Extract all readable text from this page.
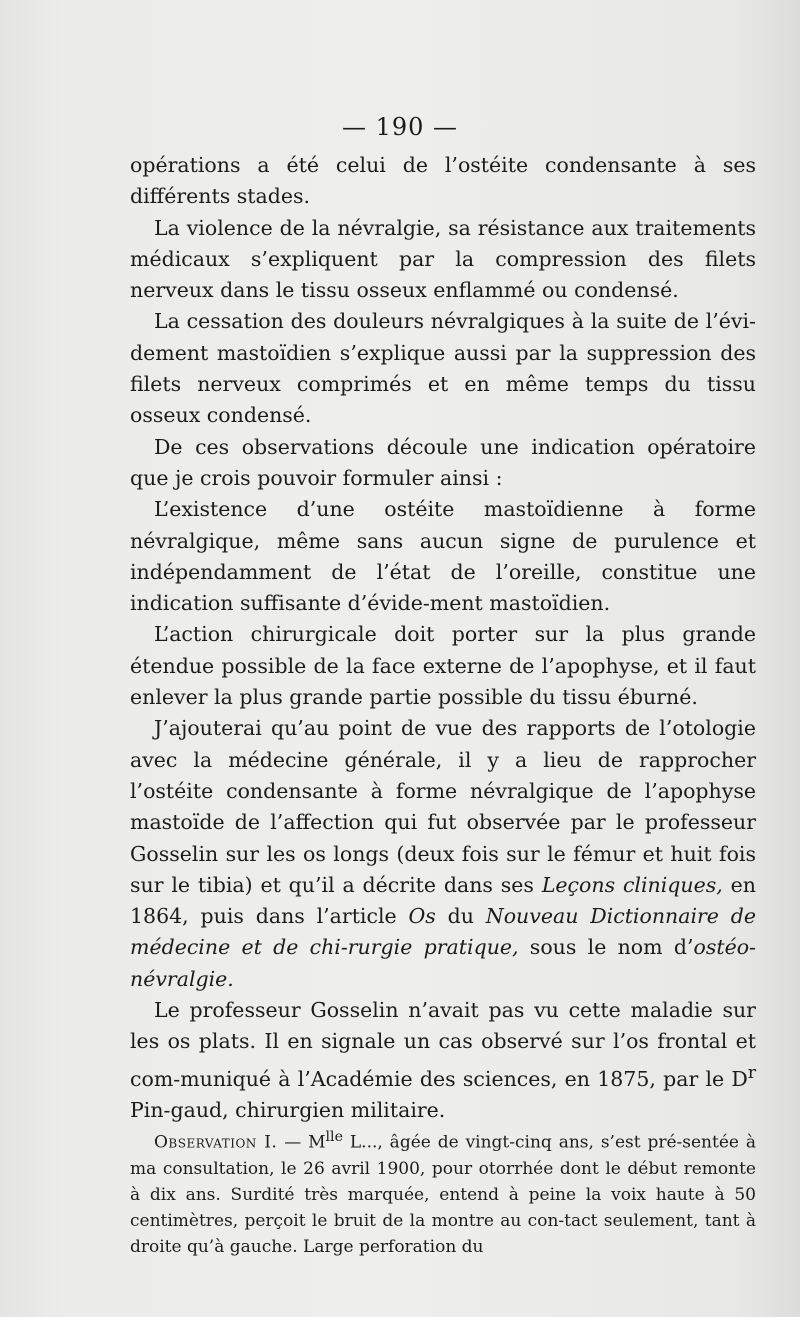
— 190 —

opérations a été celui de l’ostéite condensante à ses différents stades.

La violence de la névralgie, sa résistance aux traitements médicaux s’expliquent par la compression des filets nerveux dans le tissu osseux enflammé ou condensé.

La cessation des douleurs névralgiques à la suite de l’évi-dement mastoïdien s’explique aussi par la suppression des filets nerveux comprimés et en même temps du tissu osseux condensé.

De ces observations découle une indication opératoire que je crois pouvoir formuler ainsi :

L’existence d’une ostéite mastoïdienne à forme névralgique, même sans aucun signe de purulence et indépendamment de l’état de l’oreille, constitue une indication suffisante d’évide-ment mastoïdien.

L’action chirurgicale doit porter sur la plus grande étendue possible de la face externe de l’apophyse, et il faut enlever la plus grande partie possible du tissu éburné.

J’ajouterai qu’au point de vue des rapports de l’otologie avec la médecine générale, il y a lieu de rapprocher l’ostéite condensante à forme névralgique de l’apophyse mastoïde de l’affection qui fut observée par le professeur Gosselin sur les os longs (deux fois sur le fémur et huit fois sur le tibia) et qu’il a décrite dans ses Leçons cliniques, en 1864, puis dans l’article Os du Nouveau Dictionnaire de médecine et de chi-rurgie pratique, sous le nom d’ostéo-névralgie.

Le professeur Gosselin n’avait pas vu cette maladie sur les os plats. Il en signale un cas observé sur l’os frontal et com-muniqué à l’Académie des sciences, en 1875, par le $D^r$ Pin-gaud, chirurgien militaire.

Observation I. — $M^{lle}$ L..., âgée de vingt-cinq ans, s’est pré-sentée à ma consultation, le 26 avril 1900, pour otorrhée dont le début remonte à dix ans. Surdité très marquée, entend à peine la voix haute à 50 centimètres, perçoit le bruit de la montre au con-tact seulement, tant à droite qu’à gauche. Large perforation du
